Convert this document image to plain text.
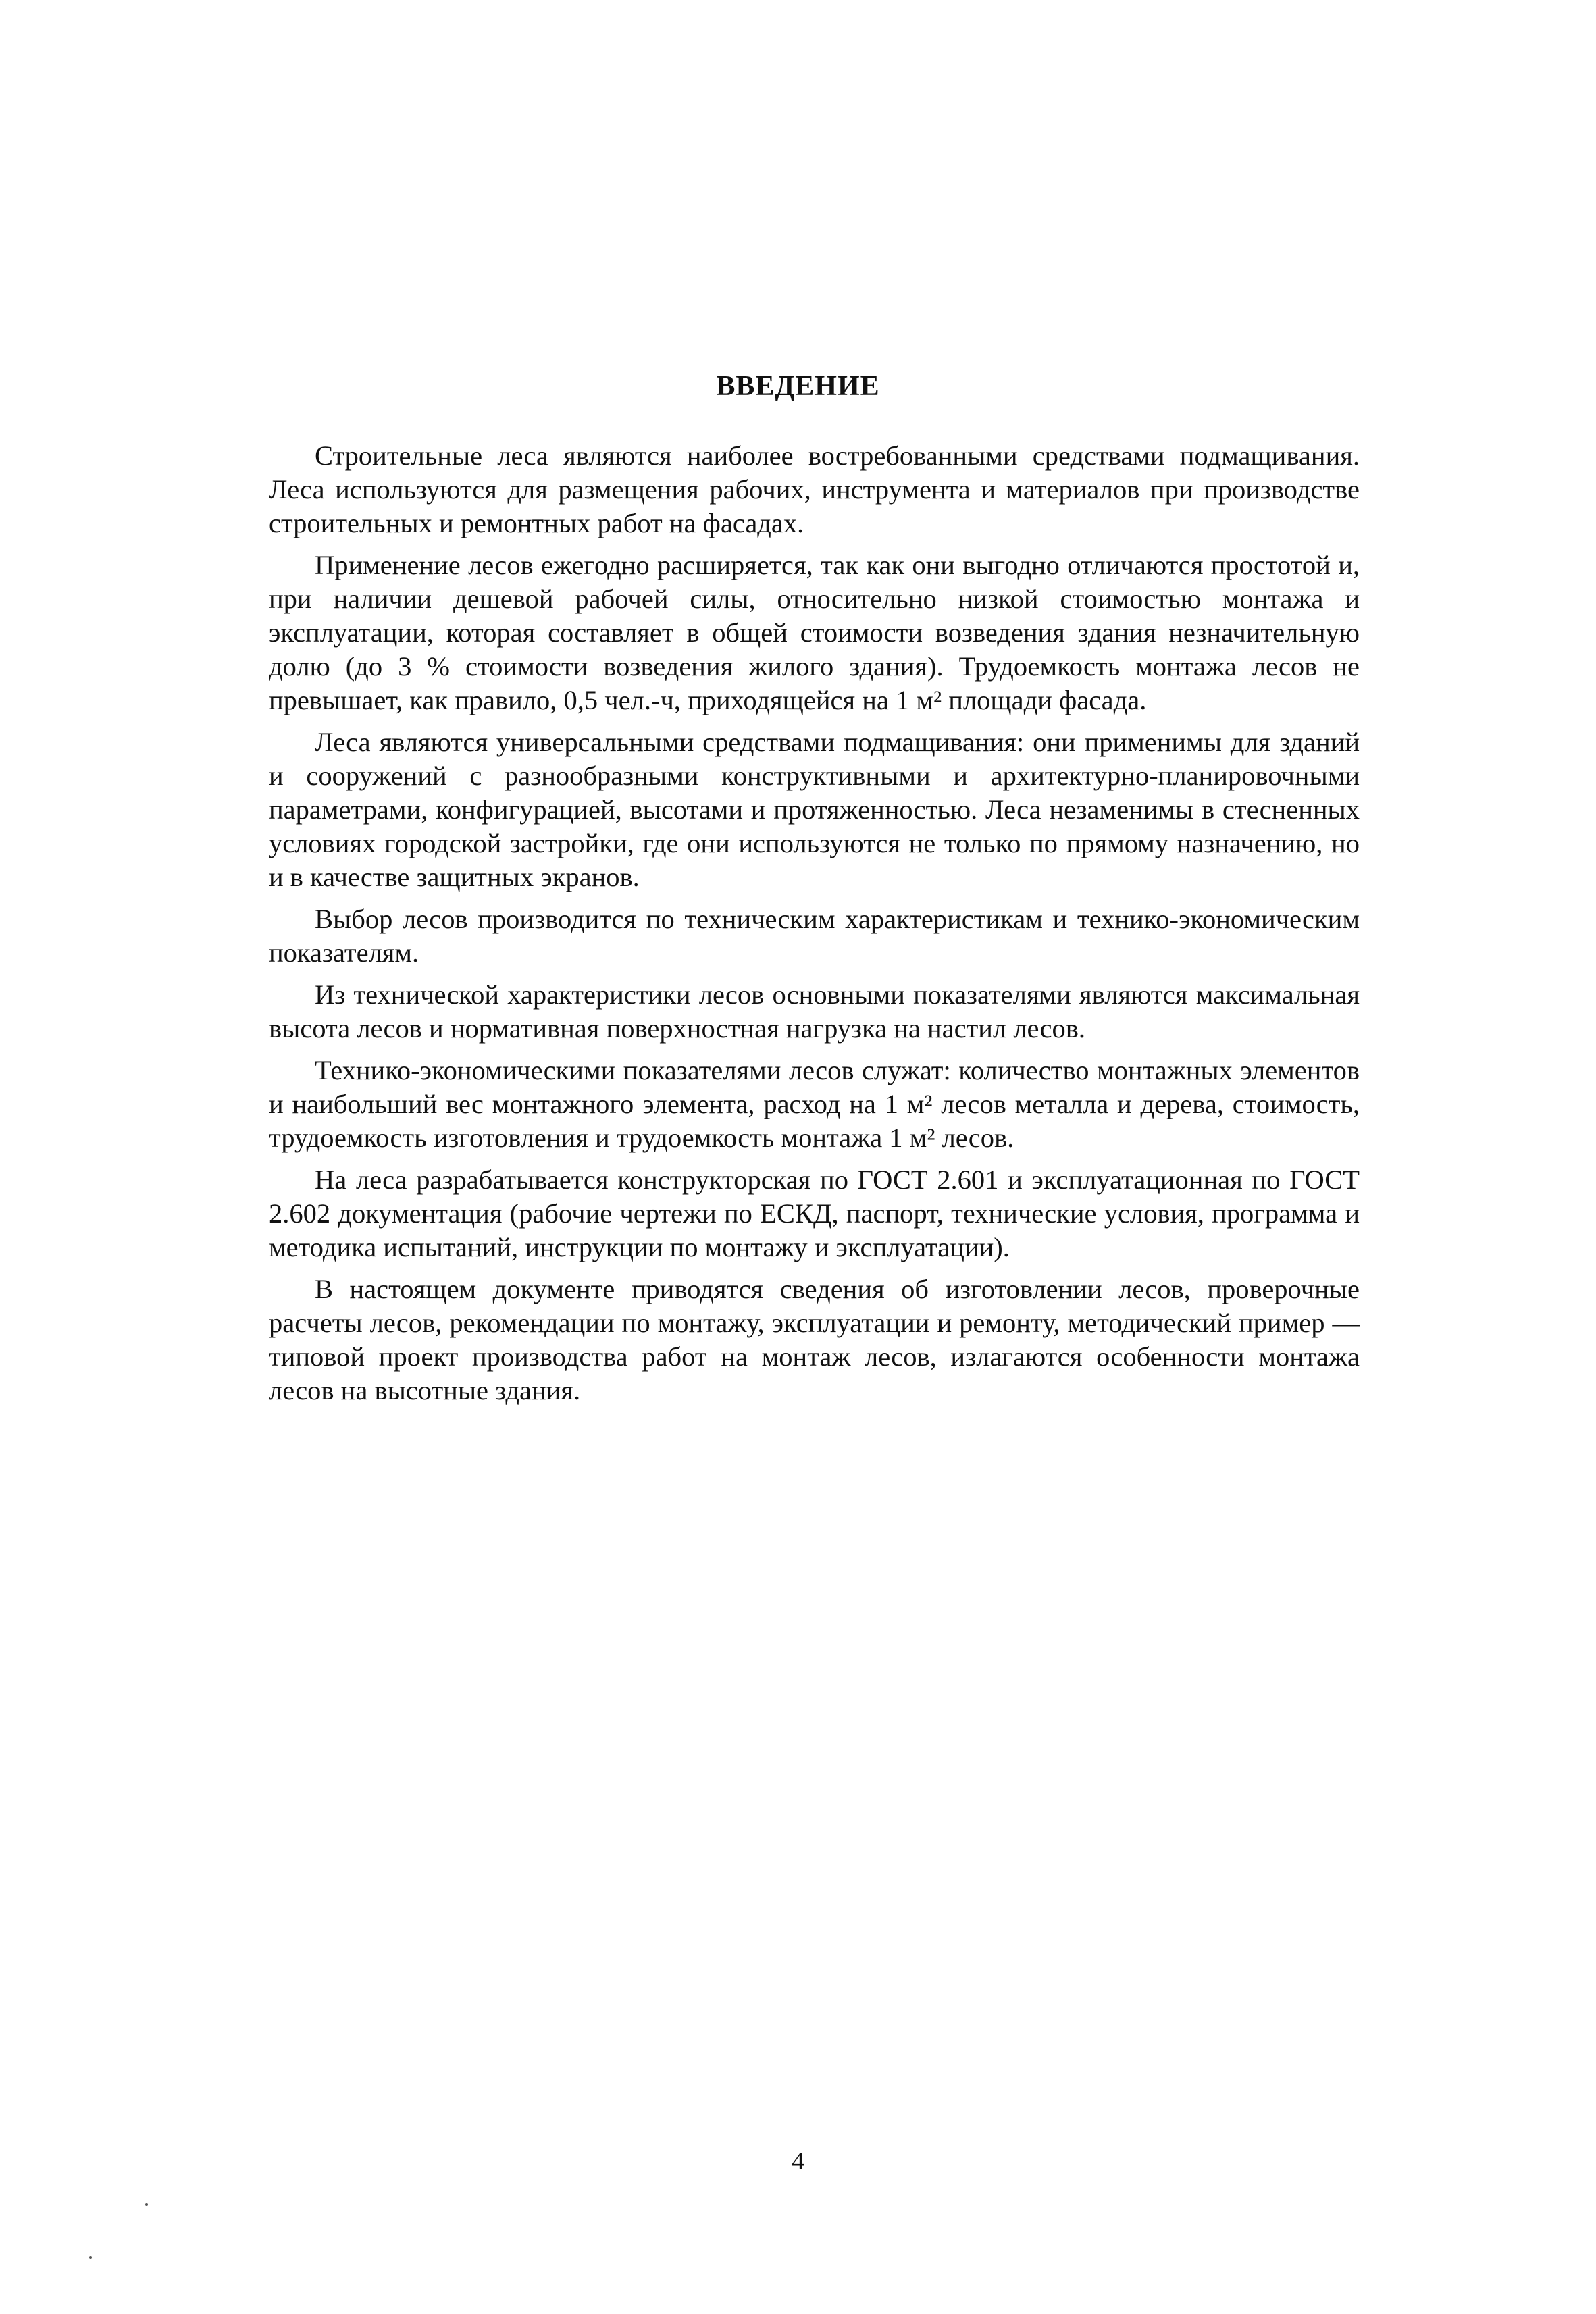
ВВЕДЕНИЕ

Строительные леса являются наиболее востребованными средствами подмащивания. Леса используются для размещения рабочих, инструмента и материалов при производстве строительных и ремонтных работ на фасадах.

Применение лесов ежегодно расширяется, так как они выгодно отличаются простотой и, при наличии дешевой рабочей силы, относительно низкой стоимостью монтажа и эксплуатации, которая составляет в общей стоимости возведения здания незначительную долю (до 3 % стоимости возведения жилого здания). Трудоемкость монтажа лесов не превышает, как правило, 0,5 чел.-ч, приходящейся на 1 м² площади фасада.

Леса являются универсальными средствами подмащивания: они применимы для зданий и сооружений с разнообразными конструктивными и архитектурно-планировочными параметрами, конфигурацией, высотами и протяженностью. Леса незаменимы в стесненных условиях городской застройки, где они используются не только по прямому назначению, но и в качестве защитных экранов.

Выбор лесов производится по техническим характеристикам и технико-экономическим показателям.

Из технической характеристики лесов основными показателями являются максимальная высота лесов и нормативная поверхностная нагрузка на настил лесов.

Технико-экономическими показателями лесов служат: количество монтажных элементов и наибольший вес монтажного элемента, расход на 1 м² лесов металла и дерева, стоимость, трудоемкость изготовления и трудоемкость монтажа 1 м² лесов.

На леса разрабатывается конструкторская по ГОСТ 2.601 и эксплуатационная по ГОСТ 2.602 документация (рабочие чертежи по ЕСКД, паспорт, технические условия, программа и методика испытаний, инструкции по монтажу и эксплуатации).

В настоящем документе приводятся сведения об изготовлении лесов, проверочные расчеты лесов, рекомендации по монтажу, эксплуатации и ремонту, методический пример — типовой проект производства работ на монтаж лесов, излагаются особенности монтажа лесов на высотные здания.

4
